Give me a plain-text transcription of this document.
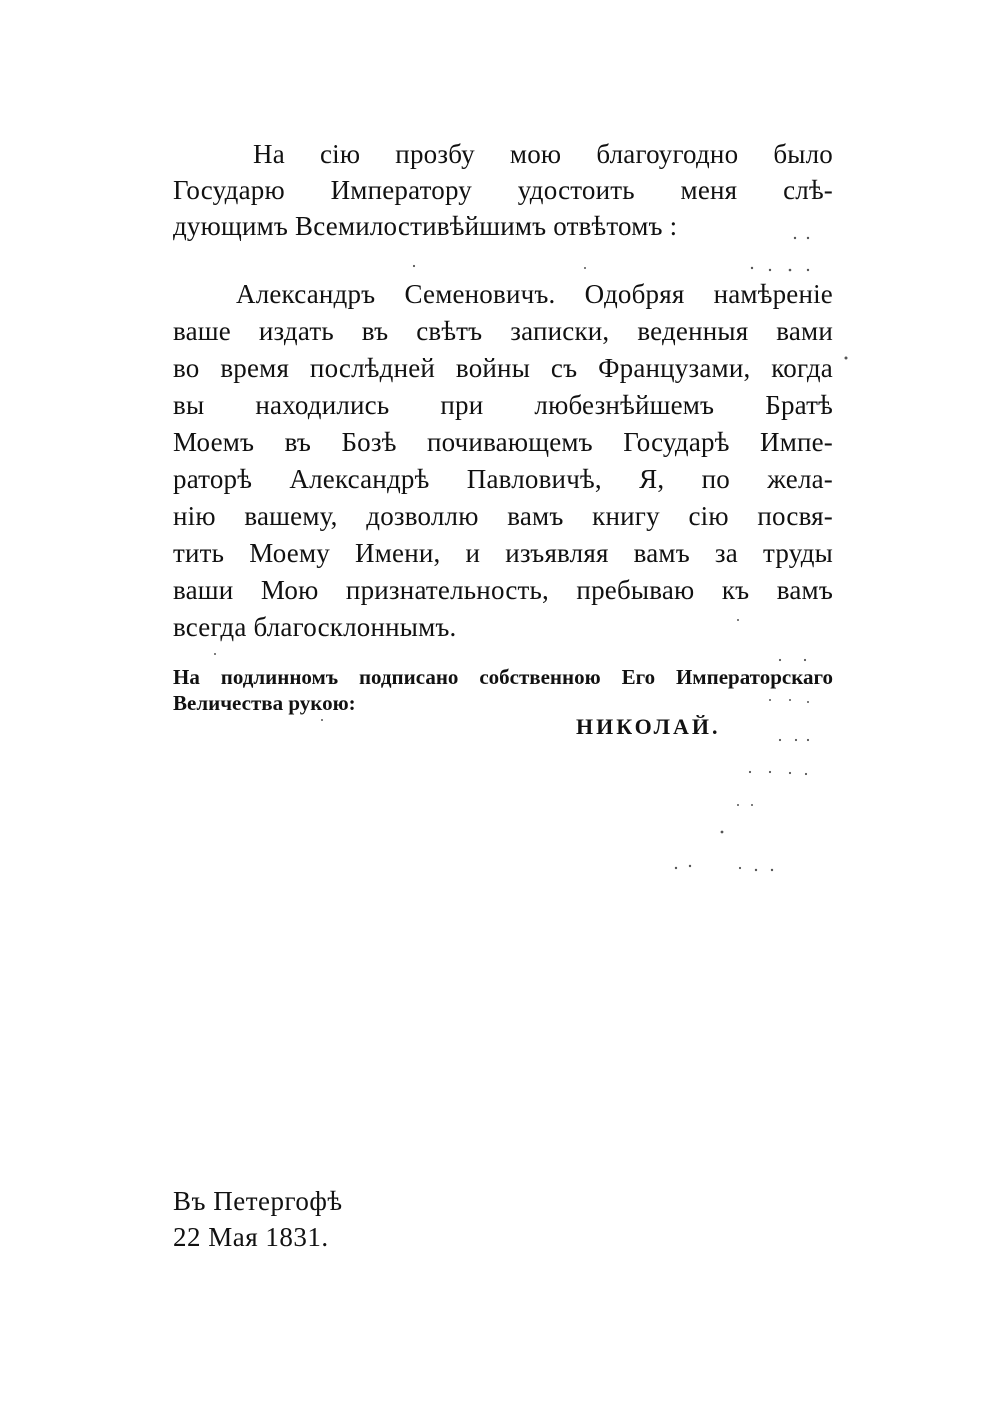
На сію прозбу мою благоугодно было
Государю Императору удостоить меня слѣ-
дующимъ Всемилостивѣйшимъ отвѣтомъ :
Александръ Семеновичъ. Одобряя намѣреніе
ваше издать въ свѣтъ записки, веденныя вами
во время послѣдней войны съ Французами, когда
вы находились при любезнѣйшемъ Братѣ
Моемъ въ Бозѣ почивающемъ Государѣ Импе-
раторѣ Александрѣ Павловичѣ, Я, по жела-
нію вашему, дозволлю вамъ книгу сію посвя-
тить Моему Имени, и изъявляя вамъ за труды
ваши Мою признательность, пребываю къ вамъ
всегда благосклоннымъ.
На подлинномъ подписано собственною Его Императорскаго
Величества рукою:
НИКОЛАЙ.
Въ Петергофѣ
22 Мая 1831.
